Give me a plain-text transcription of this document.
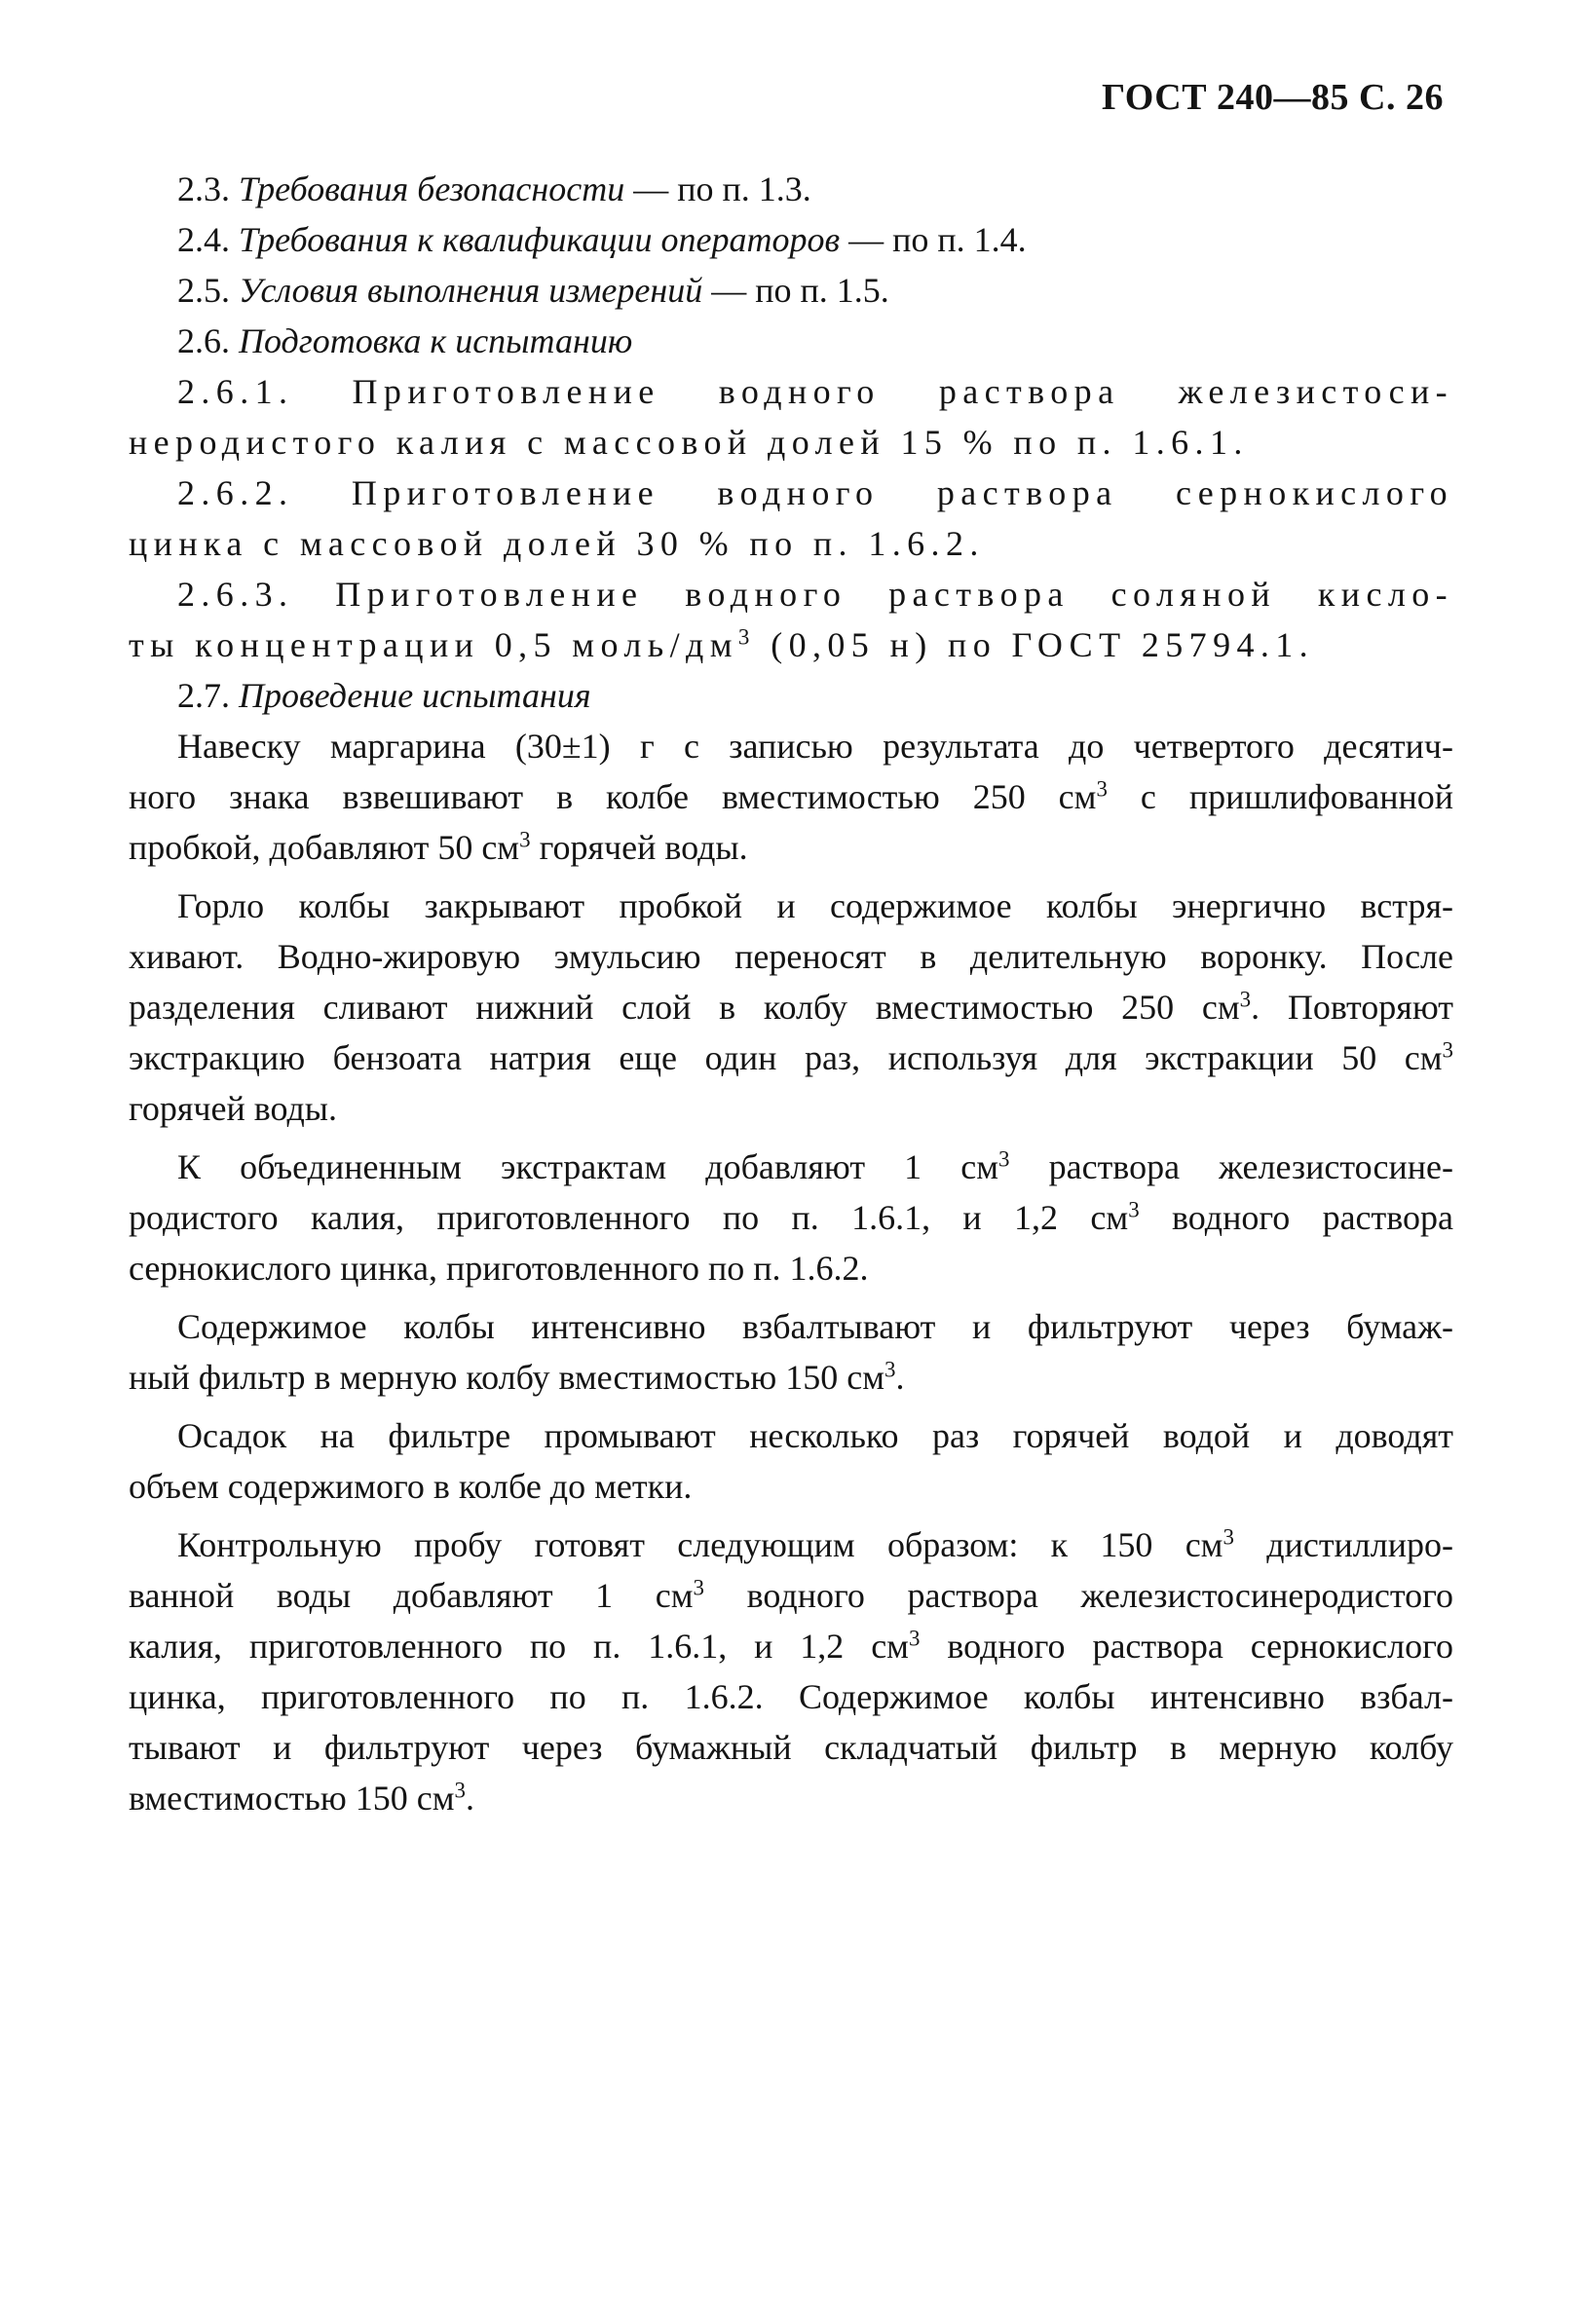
ГОСТ 240—85 С. 26
2.3. Требования безопасности — по п. 1.3.
2.4. Требования к квалификации операторов — по п. 1.4.
2.5. Условия выполнения измерений — по п. 1.5.
2.6. Подготовка к испытанию
2.6.1. Приготовление водного раствора железистоси-
неродистого калия с массовой долей 15 % по п. 1.6.1.
2.6.2. Приготовление водного раствора сернокислого
цинка с массовой долей 30 % по п. 1.6.2.
2.6.3. Приготовление водного раствора соляной кисло-
ты концентрации 0,5 моль/$дм^3$ (0,05 н) по ГОСТ 25794.1.
2.7. Проведение испытания
Навеску маргарина (30±1) г с записью результата до четвертого десятич-
ного знака взвешивают в колбе вместимостью 250 $см^3$ с пришлифованной
пробкой, добавляют 50 $см^3$ горячей воды.
Горло колбы закрывают пробкой и содержимое колбы энергично встря-
хивают. Водно-жировую эмульсию переносят в делительную воронку. После
разделения сливают нижний слой в колбу вместимостью 250 $см^3$. Повторяют
экстракцию бензоата натрия еще один раз, используя для экстракции 50 $см^3$
горячей воды.
К объединенным экстрактам добавляют 1 $см^3$ раствора железистосине-
родистого калия, приготовленного по п. 1.6.1, и 1,2 $см^3$ водного раствора
сернокислого цинка, приготовленного по п. 1.6.2.
Содержимое колбы интенсивно взбалтывают и фильтруют через бумаж-
ный фильтр в мерную колбу вместимостью 150 $см^3$.
Осадок на фильтре промывают несколько раз горячей водой и доводят
объем содержимого в колбе до метки.
Контрольную пробу готовят следующим образом: к 150 $см^3$ дистиллиро-
ванной воды добавляют 1 $см^3$ водного раствора железистосинеродистого
калия, приготовленного по п. 1.6.1, и 1,2 $см^3$ водного раствора сернокислого
цинка, приготовленного по п. 1.6.2. Содержимое колбы интенсивно взбал-
тывают и фильтруют через бумажный складчатый фильтр в мерную колбу
вместимостью 150 $см^3$.
